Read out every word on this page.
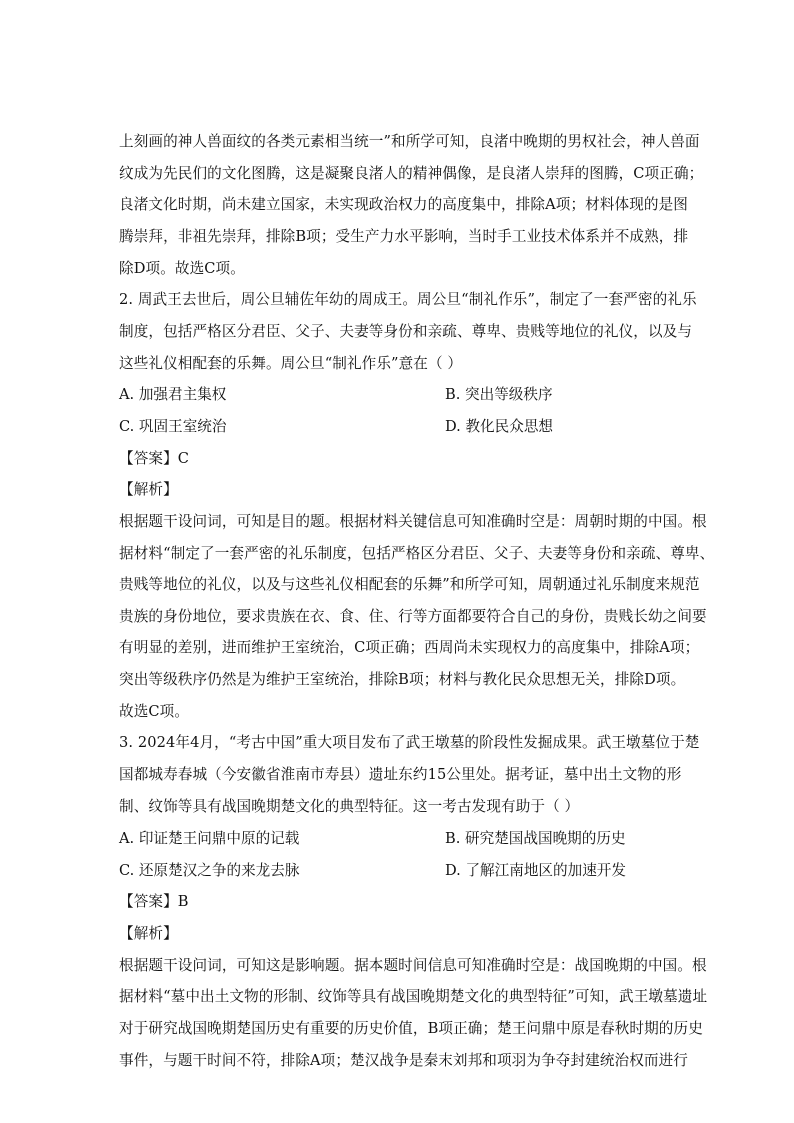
上刻画的神人兽面纹的各类元素相当统一”和所学可知，良渚中晚期的男权社会，神人兽面
纹成为先民们的文化图腾，这是凝聚良渚人的精神偶像，是良渚人崇拜的图腾，C项正确；
良渚文化时期，尚未建立国家，未实现政治权力的高度集中，排除A项；材料体现的是图
腾崇拜，非祖先崇拜，排除B项；受生产力水平影响，当时手工业技术体系并不成熟，排
除D项。故选C项。
2. 周武王去世后，周公旦辅佐年幼的周成王。周公旦“制礼作乐”，制定了一套严密的礼乐
制度，包括严格区分君臣、父子、夫妻等身份和亲疏、尊卑、贵贱等地位的礼仪，以及与
这些礼仪相配套的乐舞。周公旦“制礼作乐”意在（ ）
A. 加强君主集权	B. 突出等级秩序
C. 巩固王室统治	D. 教化民众思想
【答案】C
【解析】
根据题干设问词，可知是目的题。根据材料关键信息可知准确时空是：周朝时期的中国。根
据材料“制定了一套严密的礼乐制度，包括严格区分君臣、父子、夫妻等身份和亲疏、尊卑、
贵贱等地位的礼仪，以及与这些礼仪相配套的乐舞”和所学可知，周朝通过礼乐制度来规范
贵族的身份地位，要求贵族在衣、食、住、行等方面都要符合自己的身份，贵贱长幼之间要
有明显的差别，进而维护王室统治，C项正确；西周尚未实现权力的高度集中，排除A项；
突出等级秩序仍然是为维护王室统治，排除B项；材料与教化民众思想无关，排除D项。
故选C项。
3. 2024年4月，“考古中国”重大项目发布了武王墩墓的阶段性发掘成果。武王墩墓位于楚
国都城寿春城（今安徽省淮南市寿县）遗址东约15公里处。据考证，墓中出土文物的形
制、纹饰等具有战国晚期楚文化的典型特征。这一考古发现有助于（ ）
A. 印证楚王问鼎中原的记载	B. 研究楚国战国晚期的历史
C. 还原楚汉之争的来龙去脉	D. 了解江南地区的加速开发
【答案】B
【解析】
根据题干设问词，可知这是影响题。据本题时间信息可知准确时空是：战国晚期的中国。根
据材料“墓中出土文物的形制、纹饰等具有战国晚期楚文化的典型特征”可知，武王墩墓遗址
对于研究战国晚期楚国历史有重要的历史价值，B项正确；楚王问鼎中原是春秋时期的历史
事件，与题干时间不符，排除A项；楚汉战争是秦末刘邦和项羽为争夺封建统治权而进行
